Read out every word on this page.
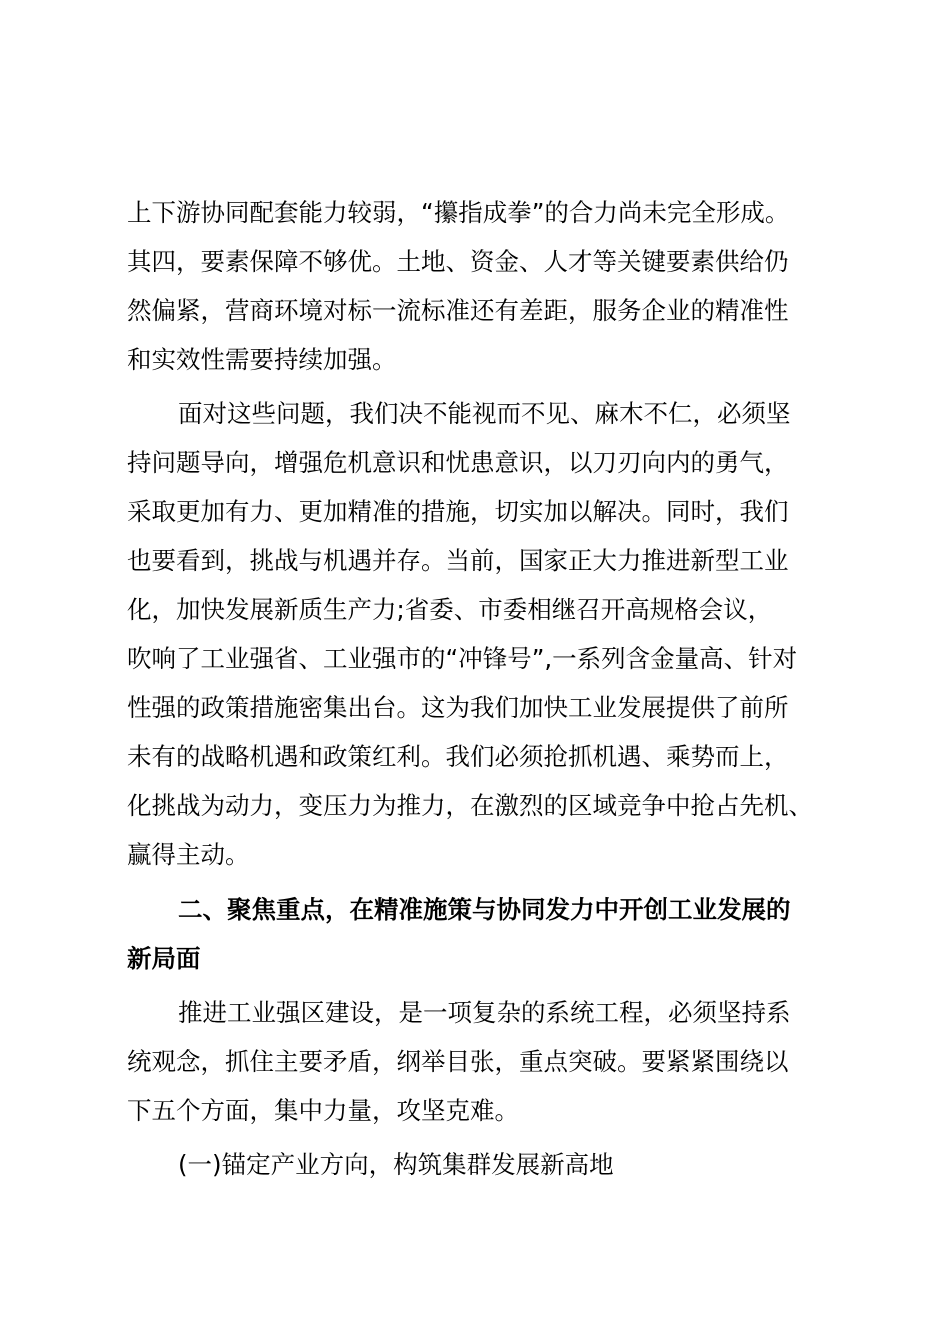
上下游协同配套能力较弱，“攥指成拳”的合力尚未完全形成。
其四，要素保障不够优。土地、资金、人才等关键要素供给仍
然偏紧，营商环境对标一流标准还有差距，服务企业的精准性
和实效性需要持续加强。
面对这些问题，我们决不能视而不见、麻木不仁，必须坚
持问题导向，增强危机意识和忧患意识，以刀刃向内的勇气，
采取更加有力、更加精准的措施，切实加以解决。同时，我们
也要看到，挑战与机遇并存。当前，国家正大力推进新型工业
化，加快发展新质生产力;省委、市委相继召开高规格会议，
吹响了工业强省、工业强市的“冲锋号”,一系列含金量高、针对
性强的政策措施密集出台。这为我们加快工业发展提供了前所
未有的战略机遇和政策红利。我们必须抢抓机遇、乘势而上，
化挑战为动力，变压力为推力，在激烈的区域竞争中抢占先机、
赢得主动。
二、聚焦重点，在精准施策与协同发力中开创工业发展的
新局面
推进工业强区建设，是一项复杂的系统工程，必须坚持系
统观念，抓住主要矛盾，纲举目张，重点突破。要紧紧围绕以
下五个方面，集中力量，攻坚克难。
(一)锚定产业方向，构筑集群发展新高地
